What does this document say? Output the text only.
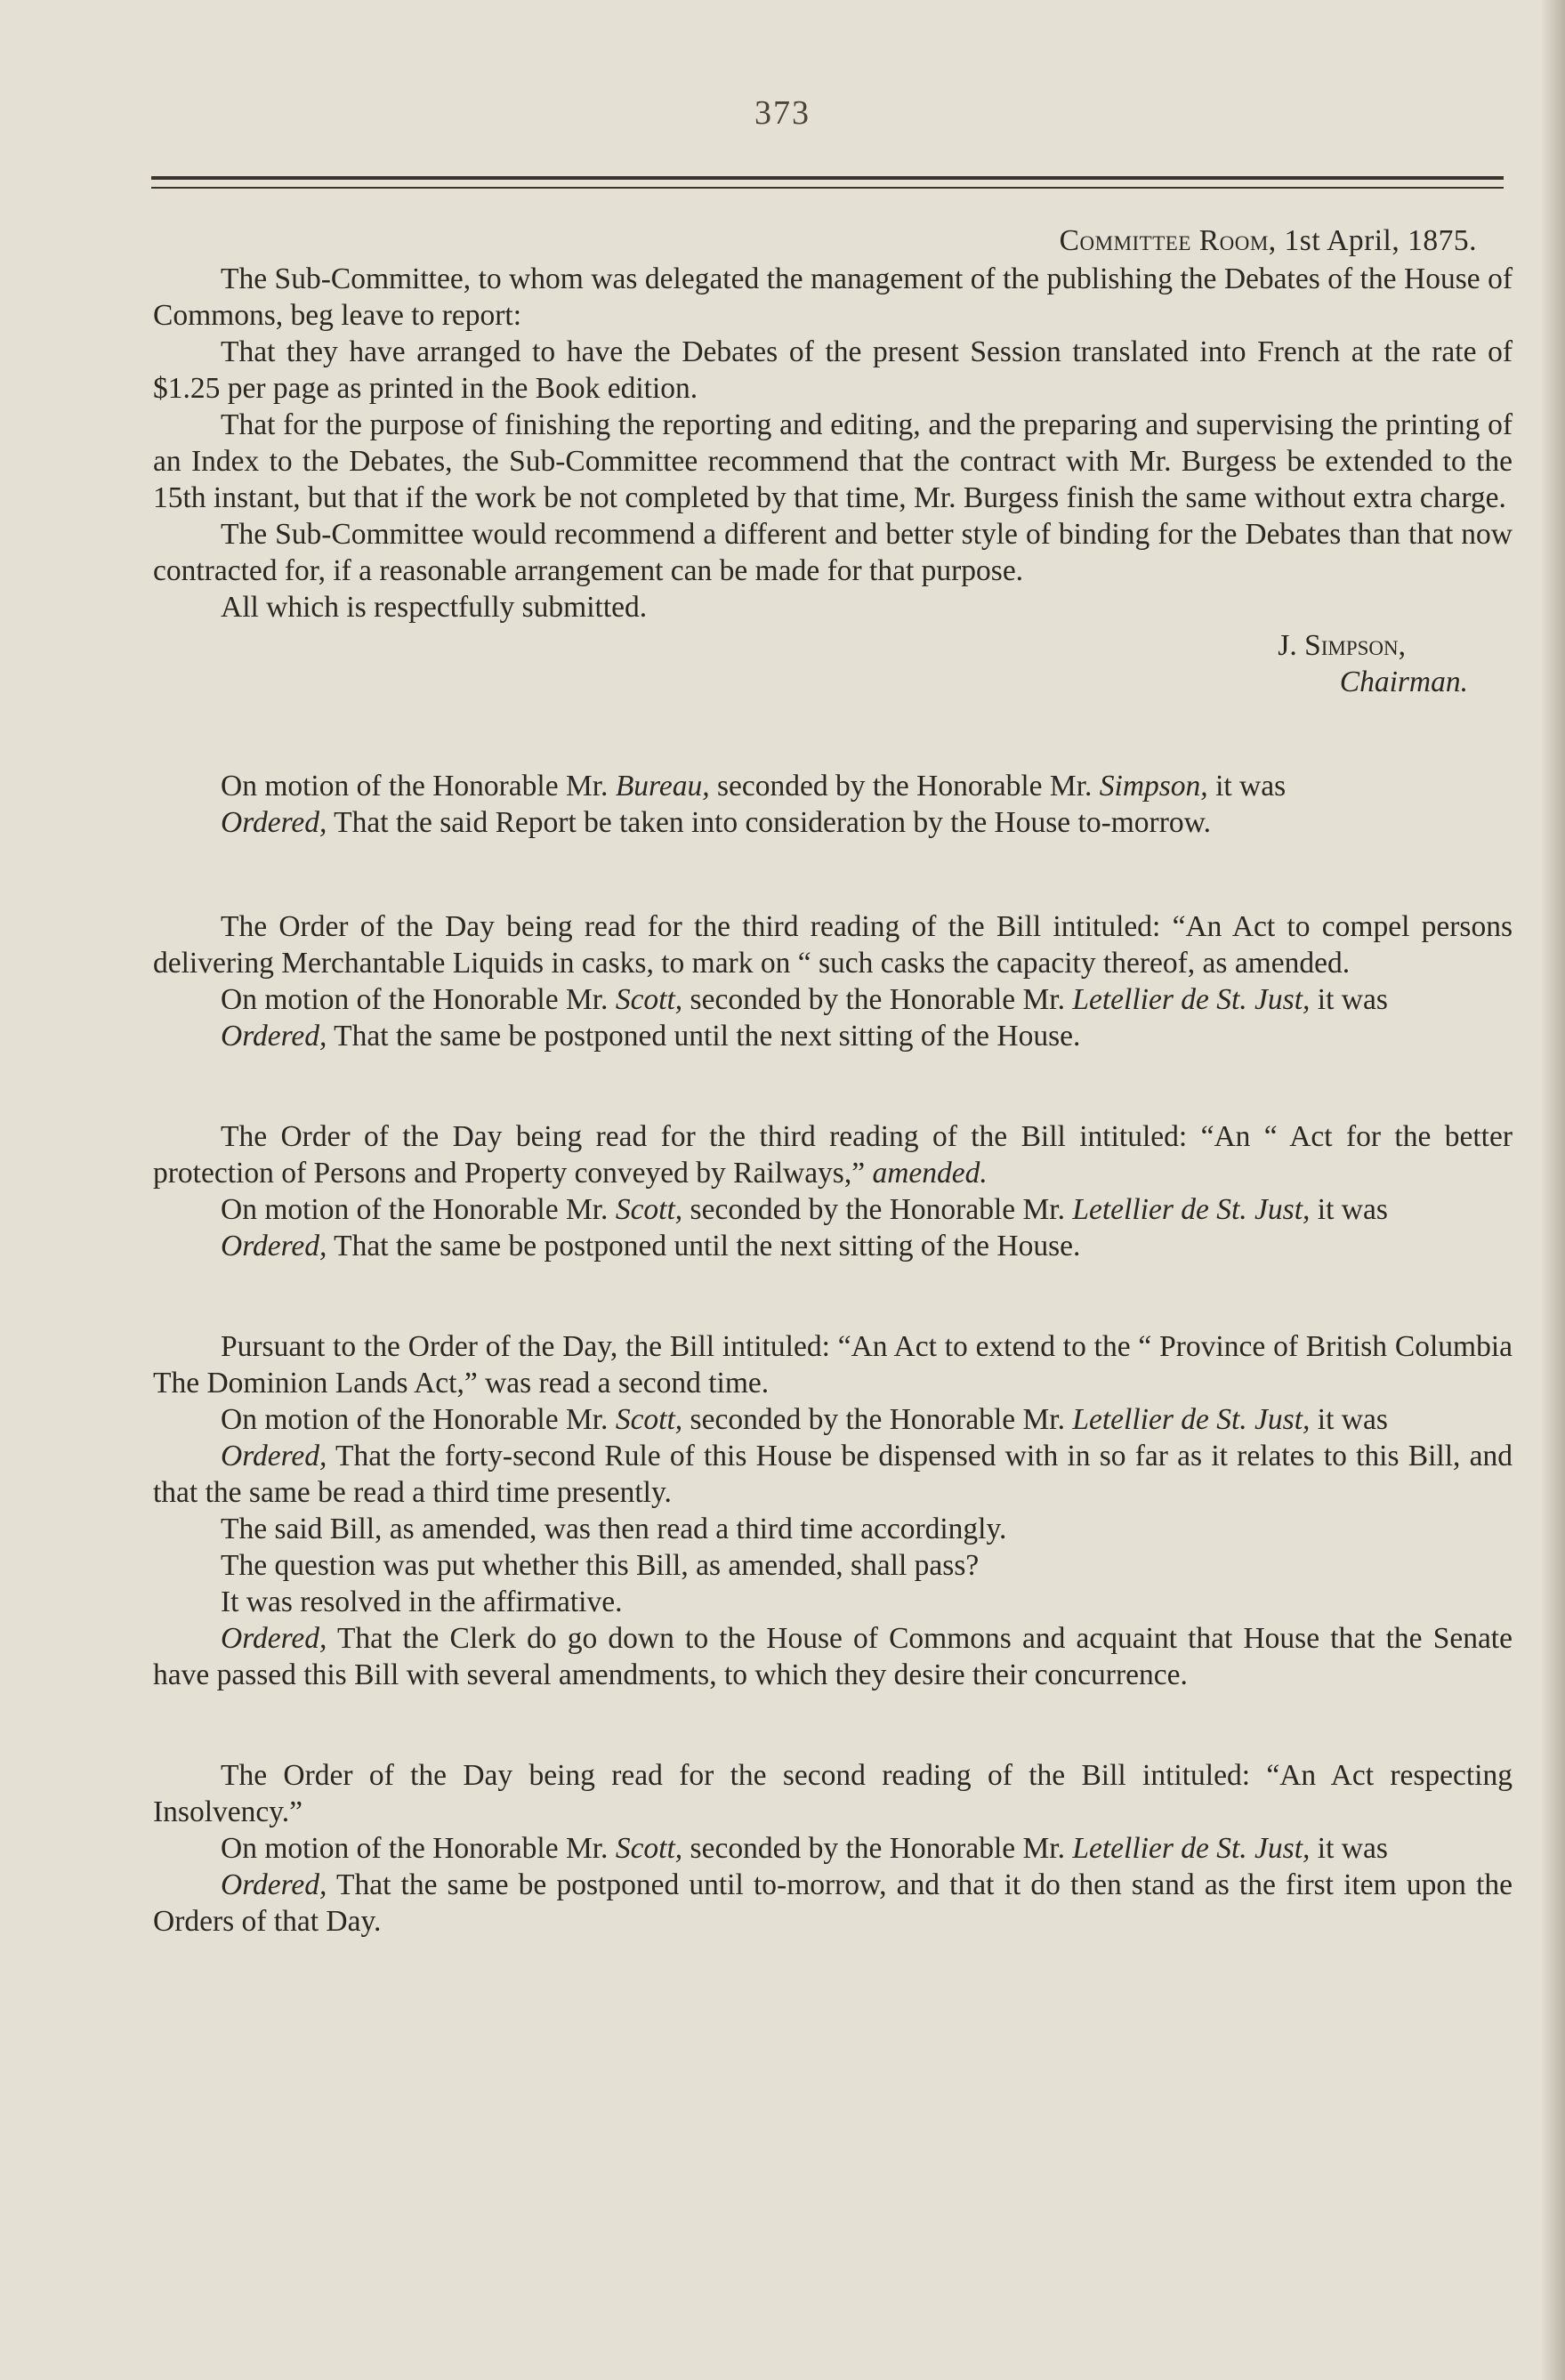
373
Committee Room, 1st April, 1875.

The Sub-Committee, to whom was delegated the management of the publishing the Debates of the House of Commons, beg leave to report:

That they have arranged to have the Debates of the present Session translated into French at the rate of $1.25 per page as printed in the Book edition.

That for the purpose of finishing the reporting and editing, and the preparing and supervising the printing of an Index to the Debates, the Sub-Committee recommend that the contract with Mr. Burgess be extended to the 15th instant, but that if the work be not completed by that time, Mr. Burgess finish the same without extra charge.

The Sub-Committee would recommend a different and better style of binding for the Debates than that now contracted for, if a reasonable arrangement can be made for that purpose.

All which is respectfully submitted.

J. Simpson,
Chairman.

On motion of the Honorable Mr. Bureau, seconded by the Honorable Mr. Simpson, it was

Ordered, That the said Report be taken into consideration by the House to-morrow.

The Order of the Day being read for the third reading of the Bill intituled: “An Act to compel persons delivering Merchantable Liquids in casks, to mark on “ such casks the capacity thereof, as amended.

On motion of the Honorable Mr. Scott, seconded by the Honorable Mr. Letellier de St. Just, it was

Ordered, That the same be postponed until the next sitting of the House.

The Order of the Day being read for the third reading of the Bill intituled: “An “ Act for the better protection of Persons and Property conveyed by Railways,” amended.

On motion of the Honorable Mr. Scott, seconded by the Honorable Mr. Letellier de St. Just, it was

Ordered, That the same be postponed until the next sitting of the House.

Pursuant to the Order of the Day, the Bill intituled: “An Act to extend to the “ Province of British Columbia The Dominion Lands Act,” was read a second time.

On motion of the Honorable Mr. Scott, seconded by the Honorable Mr. Letellier de St. Just, it was

Ordered, That the forty-second Rule of this House be dispensed with in so far as it relates to this Bill, and that the same be read a third time presently.

The said Bill, as amended, was then read a third time accordingly.

The question was put whether this Bill, as amended, shall pass?

It was resolved in the affirmative.

Ordered, That the Clerk do go down to the House of Commons and acquaint that House that the Senate have passed this Bill with several amendments, to which they desire their concurrence.

The Order of the Day being read for the second reading of the Bill intituled: “An Act respecting Insolvency.”

On motion of the Honorable Mr. Scott, seconded by the Honorable Mr. Letellier de St. Just, it was

Ordered, That the same be postponed until to-morrow, and that it do then stand as the first item upon the Orders of that Day.
